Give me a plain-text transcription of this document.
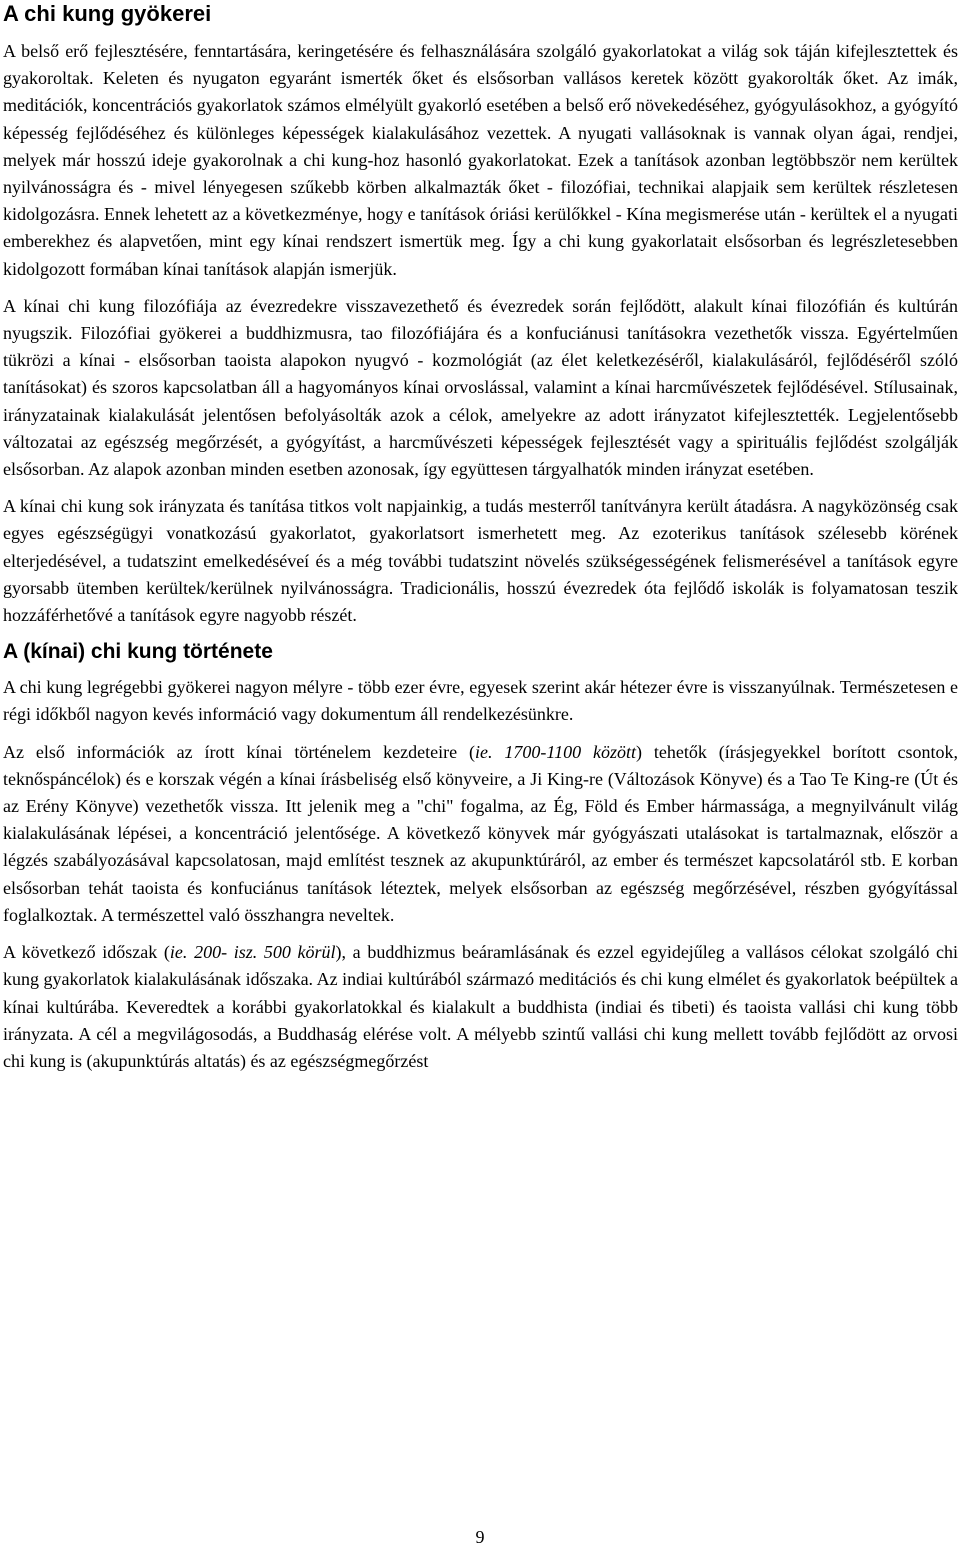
A chi kung gyökerei

A belső erő fejlesztésére, fenntartására, keringetésére és felhasználására szolgáló gyakorlatokat a világ sok táján kifejlesztettek és gyakoroltak. Keleten és nyugaton egyaránt ismerték őket és elsősorban vallásos keretek között gyakorolták őket. Az imák, meditációk, koncentrációs gyakorlatok számos elmélyült gyakorló esetében a belső erő növekedéséhez, gyógyulásokhoz, a gyógyító képesség fejlődéséhez és különleges képességek kialakulásához vezettek. A nyugati vallásoknak is vannak olyan ágai, rendjei, melyek már hosszú ideje gyakorolnak a chi kung-hoz hasonló gyakorlatokat. Ezek a tanítások azonban legtöbbször nem kerültek nyilvánosságra és - mivel lényegesen szűkebb körben alkalmazták őket - filozófiai, technikai alapjaik sem kerültek részletesen kidolgozásra. Ennek lehetett az a következménye, hogy e tanítások óriási kerülőkkel - Kína megismerése után - kerültek el a nyugati emberekhez és alapvetően, mint egy kínai rendszert ismertük meg. Így a chi kung gyakorlatait elsősorban és legrészletesebben kidolgozott formában kínai tanítások alapján ismerjük.

A kínai chi kung filozófiája az évezredekre visszavezethető és évezredek során fejlődött, alakult kínai filozófián és kultúrán nyugszik. Filozófiai gyökerei a buddhizmusra, tao filozófiájára és a konfuciánusi tanításokra vezethetők vissza. Egyértelműen tükrözi a kínai - elsősorban taoista alapokon nyugvó - kozmológiát (az élet keletkezéséről, kialakulásáról, fejlődéséről szóló tanításokat) és szoros kapcsolatban áll a hagyományos kínai orvoslással, valamint a kínai harcművészetek fejlődésével. Stílusainak, irányzatainak kialakulását jelentősen befolyásolták azok a célok, amelyekre az adott irányzatot kifejlesztették. Legjelentősebb változatai az egészség megőrzését, a gyógyítást, a harcművészeti képességek fejlesztését vagy a spirituális fejlődést szolgálják elsősorban. Az alapok azonban minden esetben azonosak, így együttesen tárgyalhatók minden irányzat esetében.

A kínai chi kung sok irányzata és tanítása titkos volt napjainkig, a tudás mesterről tanítványra került átadásra. A nagyközönség csak egyes egészségügyi vonatkozású gyakorlatot, gyakorlatsort ismerhetett meg. Az ezoterikus tanítások szélesebb körének elterjedésével, a tudatszint emelkedéséveí és a még további tudatszint növelés szükségességének felismerésével a tanítások egyre gyorsabb ütemben kerültek/kerülnek nyilvánosságra. Tradicionális, hosszú évezredek óta fejlődő iskolák is folyamatosan teszik hozzáférhetővé a tanítások egyre nagyobb részét.

A (kínai) chi kung története

A chi kung legrégebbi gyökerei nagyon mélyre - több ezer évre, egyesek szerint akár hétezer évre is visszanyúlnak. Természetesen e régi időkből nagyon kevés információ vagy dokumentum áll rendelkezésünkre.

Az első információk az írott kínai történelem kezdeteire (ie. 1700-1100 között) tehetők (írásjegyekkel borított csontok, teknőspáncélok) és e korszak végén a kínai írásbeliség első könyveire, a Ji King-re (Változások Könyve) és a Tao Te King-re (Út és az Erény Könyve) vezethetők vissza. Itt jelenik meg a "chi" fogalma, az Ég, Föld és Ember hármassága, a megnyilvánult világ kialakulásának lépései, a koncentráció jelentősége. A következő könyvek már gyógyászati utalásokat is tartalmaznak, először a légzés szabályozásával kapcsolatosan, majd említést tesznek az akupunktúráról, az ember és természet kapcsolatáról stb. E korban elsősorban tehát taoista és konfuciánus tanítások léteztek, melyek elsősorban az egészség megőrzésével, részben gyógyítással foglalkoztak. A természettel való összhangra neveltek.

A következő időszak (ie. 200- isz. 500 körül), a buddhizmus beáramlásának és ezzel egyidejűleg a vallásos célokat szolgáló chi kung gyakorlatok kialakulásának időszaka. Az indiai kultúrából származó meditációs és chi kung elmélet és gyakorlatok beépültek a kínai kultúrába. Keveredtek a korábbi gyakorlatokkal és kialakult a buddhista (indiai és tibeti) és taoista vallási chi kung több irányzata. A cél a megvilágosodás, a Buddhaság elérése volt. A mélyebb szintű vallási chi kung mellett tovább fejlődött az orvosi chi kung is (akupunktúrás altatás) és az egészségmegőrzést

9
